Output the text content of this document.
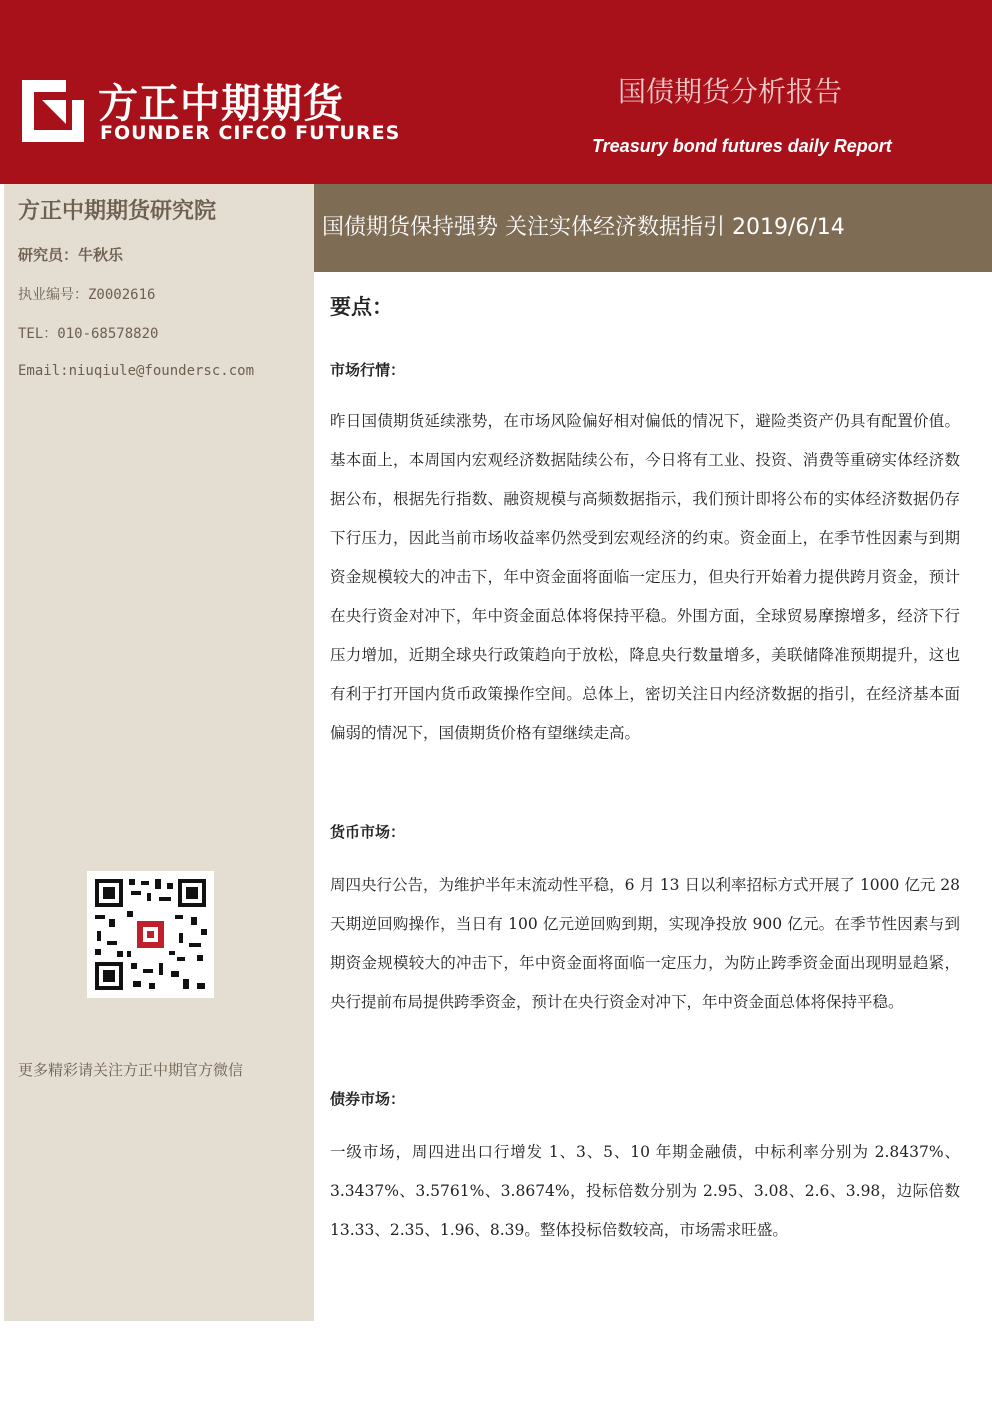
方正中期期货
FOUNDER CIFCO FUTURES
国债期货分析报告
Treasury bond futures daily Report
方正中期期货研究院
研究员：牛秋乐
执业编号：Z0002616
TEL：010-68578820
Email:niuqiule@foundersc.com
更多精彩请关注方正中期官方微信
国债期货保持强势 关注实体经济数据指引 2019/6/14
要点：
市场行情：
昨日国债期货延续涨势，在市场风险偏好相对偏低的情况下，避险类资产仍具有配置价值。基本面上，本周国内宏观经济数据陆续公布，今日将有工业、投资、消费等重磅实体经济数据公布，根据先行指数、融资规模与高频数据指示，我们预计即将公布的实体经济数据仍存下行压力，因此当前市场收益率仍然受到宏观经济的约束。资金面上，在季节性因素与到期资金规模较大的冲击下，年中资金面将面临一定压力，但央行开始着力提供跨月资金，预计在央行资金对冲下，年中资金面总体将保持平稳。外围方面，全球贸易摩擦增多，经济下行压力增加，近期全球央行政策趋向于放松，降息央行数量增多，美联储降准预期提升，这也有利于打开国内货币政策操作空间。总体上，密切关注日内经济数据的指引，在经济基本面偏弱的情况下，国债期货价格有望继续走高。
货币市场：
周四央行公告，为维护半年末流动性平稳，6 月 13 日以利率招标方式开展了 1000 亿元 28 天期逆回购操作，当日有 100 亿元逆回购到期，实现净投放 900 亿元。在季节性因素与到期资金规模较大的冲击下，年中资金面将面临一定压力，为防止跨季资金面出现明显趋紧，央行提前布局提供跨季资金，预计在央行资金对冲下，年中资金面总体将保持平稳。
债券市场：
一级市场，周四进出口行增发 1、3、5、10 年期金融债，中标利率分别为 2.8437%、3.3437%、3.5761%、3.8674%，投标倍数分别为 2.95、3.08、2.6、3.98，边际倍数 13.33、2.35、1.96、8.39。整体投标倍数较高，市场需求旺盛。
